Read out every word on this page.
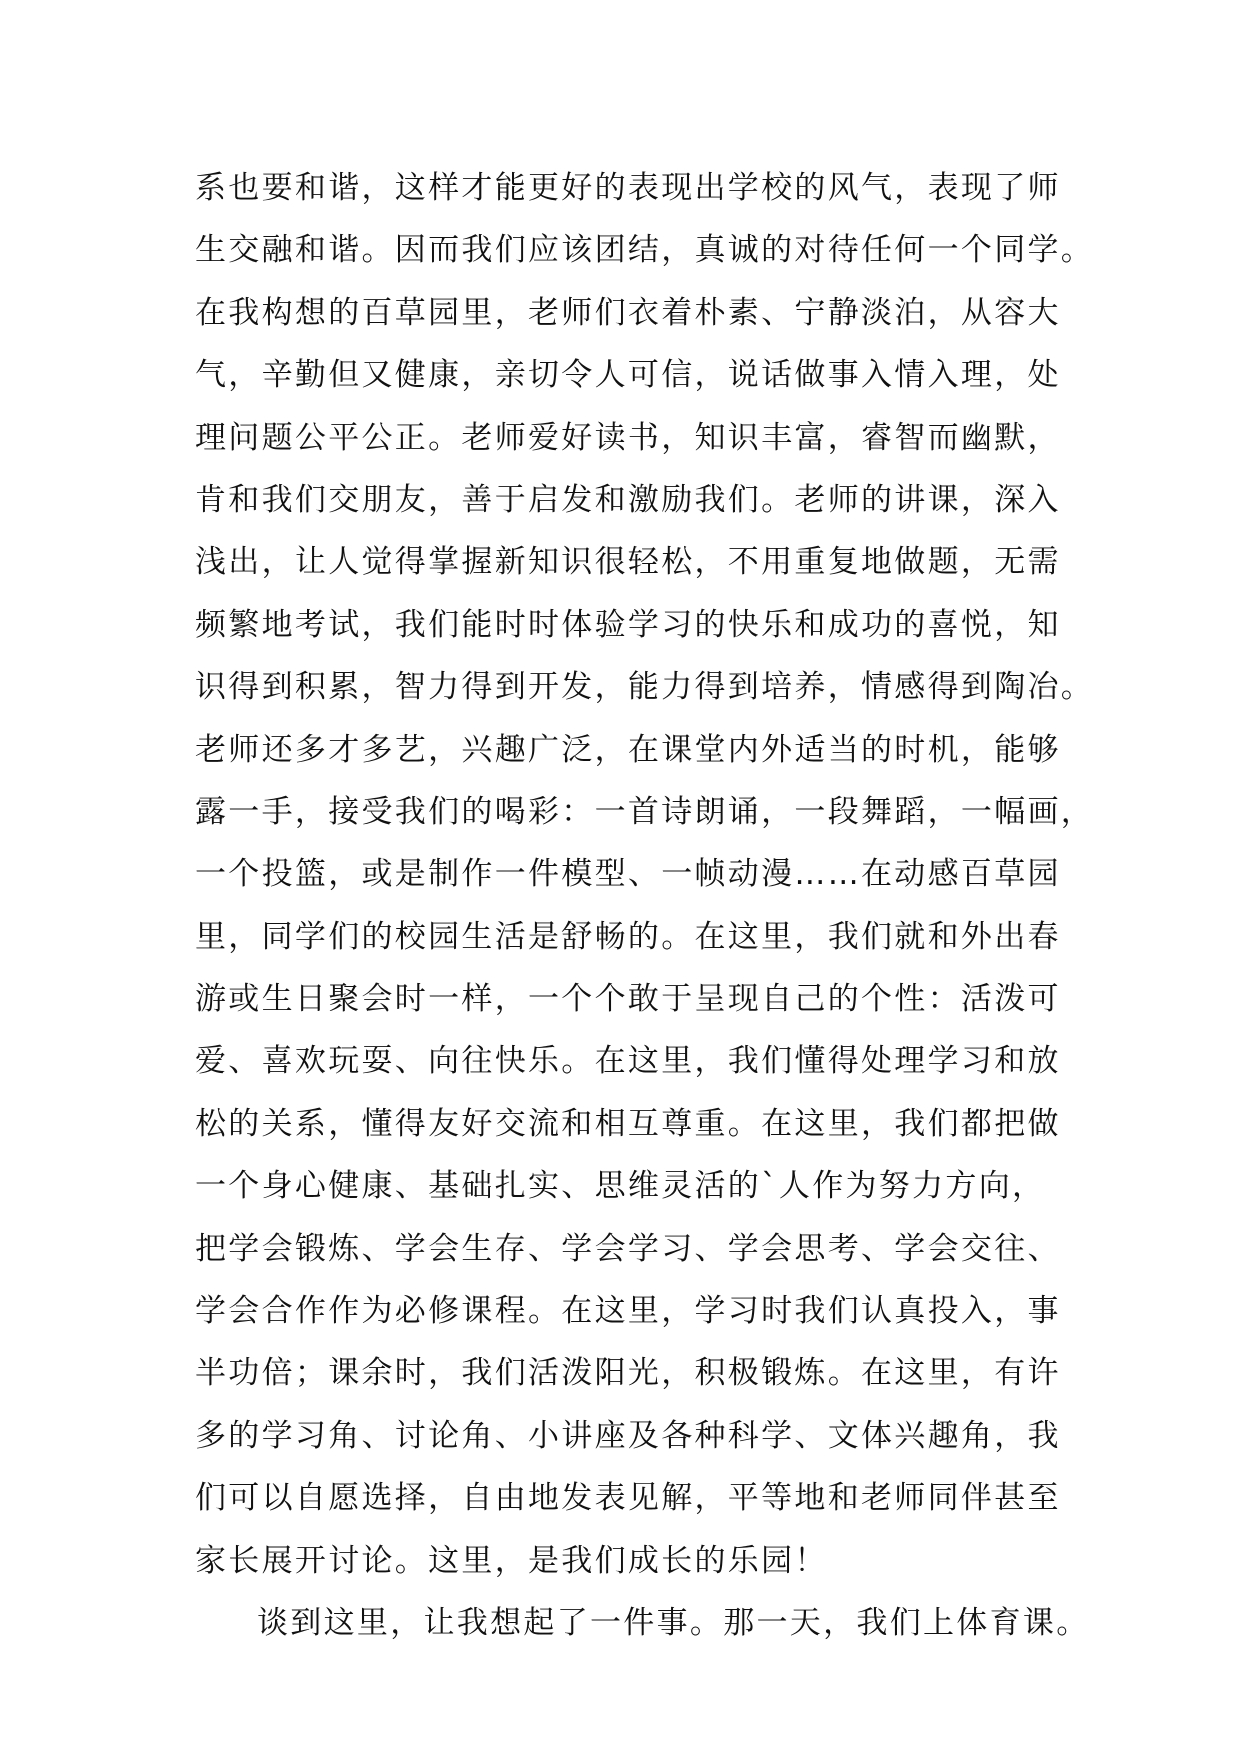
系也要和谐，这样才能更好的表现出学校的风气，表现了师
生交融和谐。因而我们应该团结，真诚的对待任何一个同学。
在我构想的百草园里，老师们衣着朴素、宁静淡泊，从容大
气，辛勤但又健康，亲切令人可信，说话做事入情入理，处
理问题公平公正。老师爱好读书，知识丰富，睿智而幽默，
肯和我们交朋友，善于启发和激励我们。老师的讲课，深入
浅出，让人觉得掌握新知识很轻松，不用重复地做题，无需
频繁地考试，我们能时时体验学习的快乐和成功的喜悦，知
识得到积累，智力得到开发，能力得到培养，情感得到陶冶。
老师还多才多艺，兴趣广泛，在课堂内外适当的时机，能够
露一手，接受我们的喝彩：一首诗朗诵，一段舞蹈，一幅画，
一个投篮，或是制作一件模型、一帧动漫……在动感百草园
里，同学们的校园生活是舒畅的。在这里，我们就和外出春
游或生日聚会时一样，一个个敢于呈现自己的个性：活泼可
爱、喜欢玩耍、向往快乐。在这里，我们懂得处理学习和放
松的关系，懂得友好交流和相互尊重。在这里，我们都把做
一个身心健康、基础扎实、思维灵活的`人作为努力方向，
把学会锻炼、学会生存、学会学习、学会思考、学会交往、
学会合作作为必修课程。在这里，学习时我们认真投入，事
半功倍；课余时，我们活泼阳光，积极锻炼。在这里，有许
多的学习角、讨论角、小讲座及各种科学、文体兴趣角，我
们可以自愿选择，自由地发表见解，平等地和老师同伴甚至
家长展开讨论。这里，是我们成长的乐园！
谈到这里，让我想起了一件事。那一天，我们上体育课。
